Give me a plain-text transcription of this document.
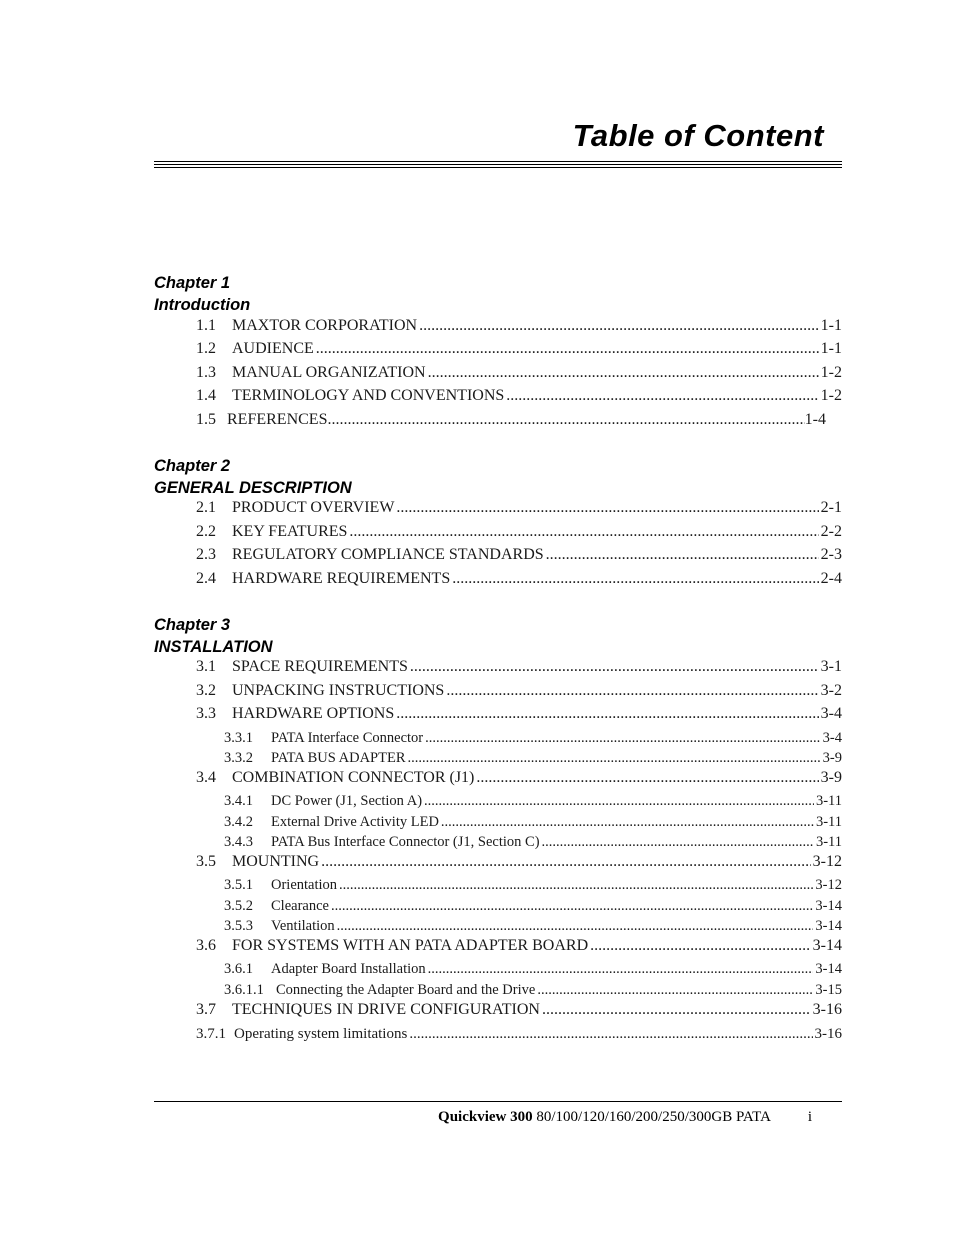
Table of Content
Chapter 1
Introduction
1.1	MAXTOR CORPORATION .....	1-1
1.2	AUDIENCE .....	1-1
1.3	MANUAL ORGANIZATION .....	1-2
1.4	TERMINOLOGY AND CONVENTIONS .....	1-2
1.5 REFERENCES .....	1-4
Chapter 2
GENERAL DESCRIPTION
2.1	PRODUCT OVERVIEW .....	2-1
2.2	KEY FEATURES .....	2-2
2.3	REGULATORY COMPLIANCE STANDARDS .....	2-3
2.4	HARDWARE REQUIREMENTS .....	2-4
Chapter 3
INSTALLATION
3.1	SPACE REQUIREMENTS .....	3-1
3.2	UNPACKING INSTRUCTIONS .....	3-2
3.3	HARDWARE OPTIONS .....	3-4
3.3.1	PATA Interface Connector .....	3-4
3.3.2	PATA BUS ADAPTER .....	3-9
3.4	COMBINATION CONNECTOR (J1) .....	3-9
3.4.1	DC Power (J1, Section A) .....	3-11
3.4.2	External Drive Activity LED .....	3-11
3.4.3	PATA Bus Interface Connector (J1, Section C) .....	3-11
3.5	MOUNTING .....	3-12
3.5.1	Orientation .....	3-12
3.5.2	Clearance .....	3-14
3.5.3	Ventilation .....	3-14
3.6	FOR SYSTEMS WITH AN PATA ADAPTER BOARD .....	3-14
3.6.1	Adapter Board Installation .....	3-14
3.6.1.1 Connecting the Adapter Board and the Drive .....	3-15
3.7	TECHNIQUES IN DRIVE CONFIGURATION .....	3-16
3.7.1 Operating system limitations .....	3-16
Quickview 300 80/100/120/160/200/250/300GB PATA	i
